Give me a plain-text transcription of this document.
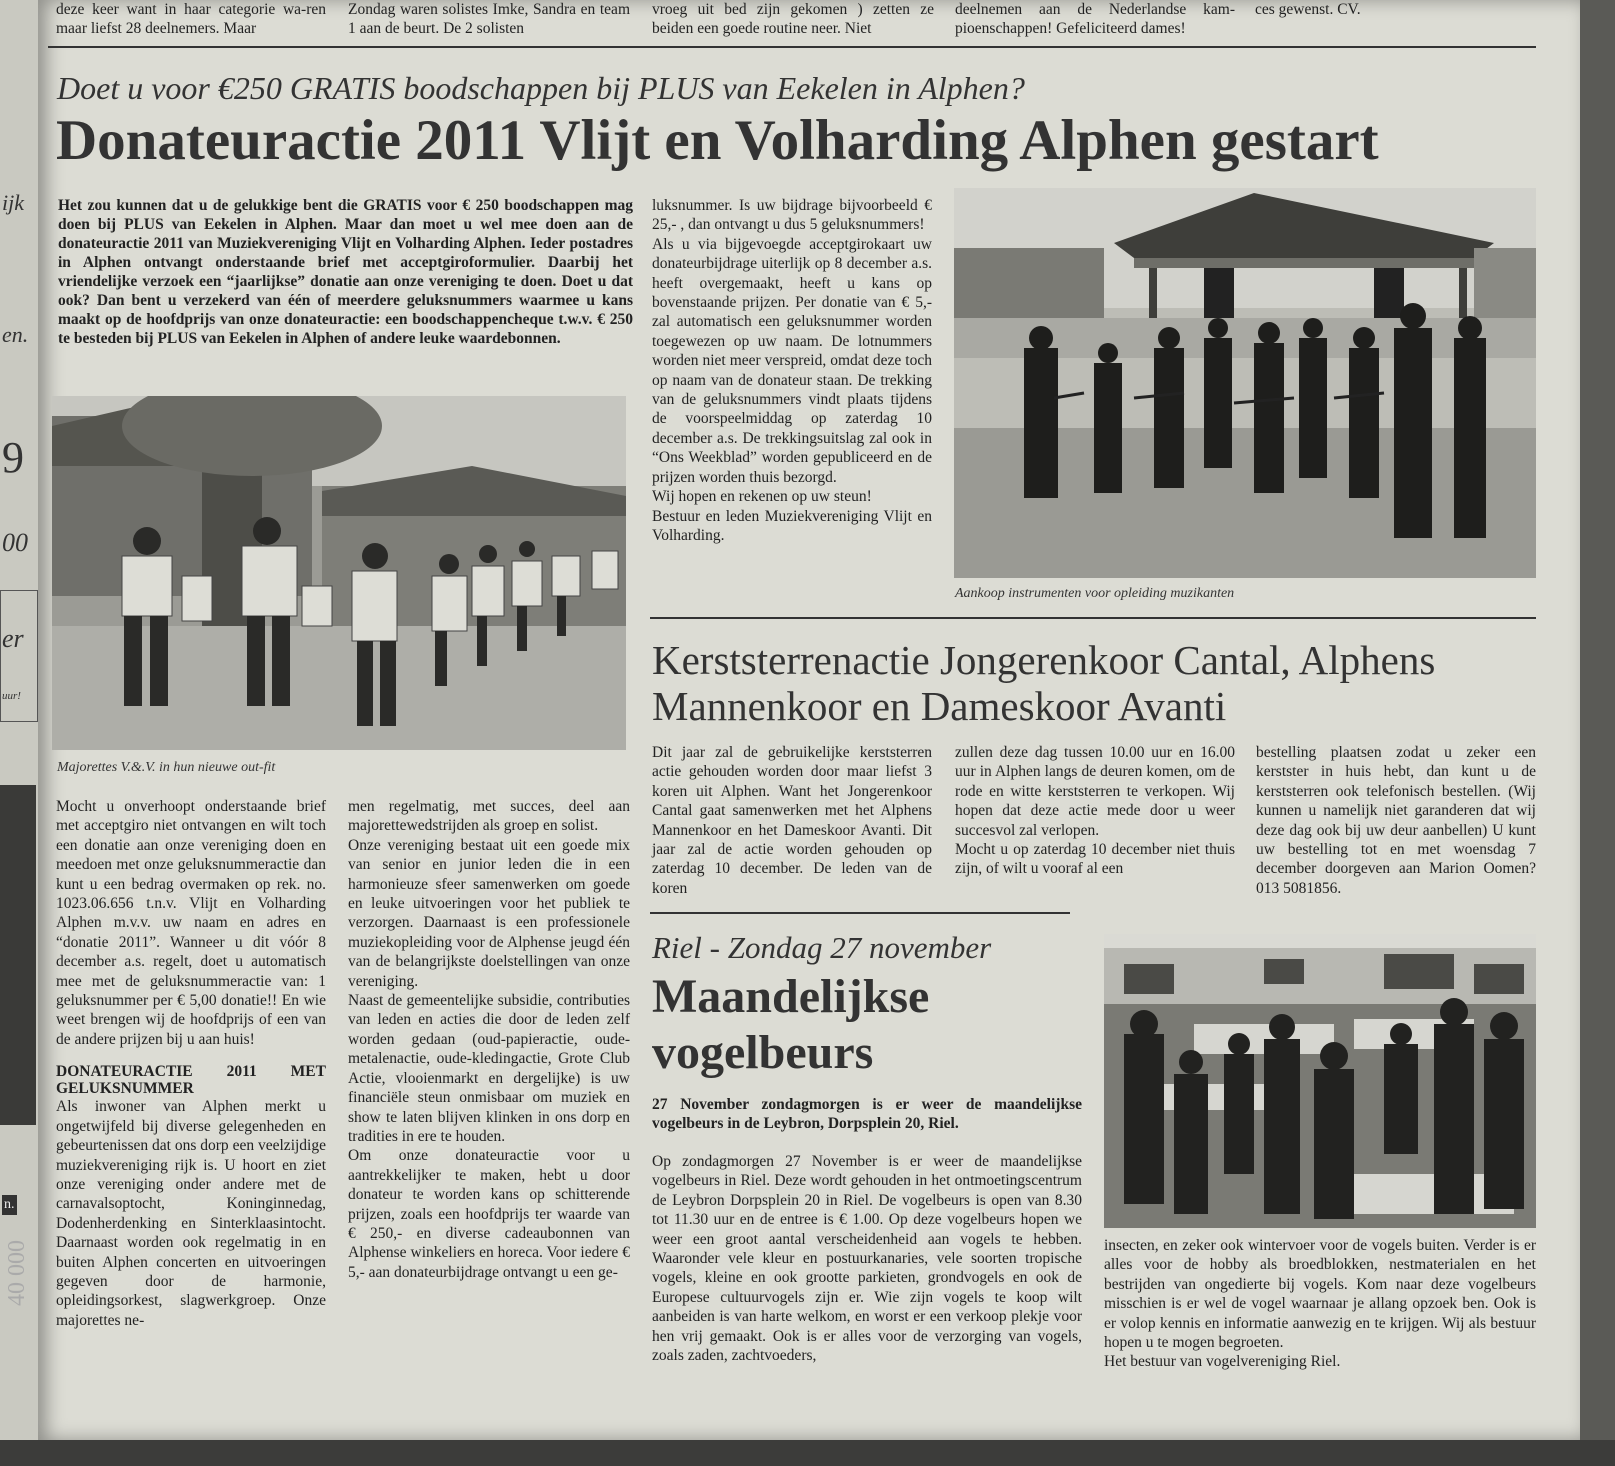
ijk
en.
9
00
er
uur!
n.
40 000
deze keer want in haar categorie wa-ren maar liefst 28 deelnemers. Maar
Zondag waren solistes Imke, Sandra en team 1 aan de beurt. De 2 solisten
vroeg uit bed zijn gekomen ) zetten ze beiden een goede routine neer. Niet
deelnemen aan de Nederlandse kam-pioenschappen! Gefeliciteerd dames!
ces gewenst. CV.
Doet u voor €250 GRATIS boodschappen bij PLUS van Eekelen in Alphen?
Donateuractie 2011 Vlijt en Volharding Alphen gestart
Het zou kunnen dat u de gelukkige bent die GRATIS voor € 250 boodschappen mag doen bij PLUS van Eekelen in Alphen. Maar dan moet u wel mee doen aan de donateuractie 2011 van Muziekvereniging Vlijt en Volharding Alphen. Ieder postadres in Alphen ontvangt onderstaande brief met acceptgiroformulier. Daarbij het vriendelijke verzoek een “jaarlijkse” donatie aan onze vereniging te doen. Doet u dat ook? Dan bent u verzekerd van één of meerdere geluksnummers waarmee u kans maakt op de hoofdprijs van onze donateuractie: een boodschappencheque t.w.v. € 250 te besteden bij PLUS van Eekelen in Alphen of andere leuke waardebonnen.
Majorettes V.&.V. in hun nieuwe out-fit

Mocht u onverhoopt onderstaande brief met acceptgiro niet ontvangen en wilt toch een donatie aan onze vereniging doen en meedoen met onze geluksnummeractie dan kunt u een bedrag overmaken op rek. no. 1023.06.656 t.n.v. Vlijt en Volharding Alphen m.v.v. uw naam en adres en “donatie 2011”. Wanneer u dit vóór 8 december a.s. regelt, doet u automatisch mee met de geluksnummeractie van: 1 geluksnummer per € 5,00 donatie!! En wie weet brengen wij de hoofdprijs of een van de andere prijzen bij u aan huis!

DONATEURACTIE 2011 MET GELUKSNUMMER

Als inwoner van Alphen merkt u ongetwijfeld bij diverse gelegenheden en gebeurtenissen dat ons dorp een veelzijdige muziekvereniging rijk is. U hoort en ziet onze vereniging onder andere met de carnavalsoptocht, Koninginnedag, Dodenherdenking en Sinterklaasintocht. Daarnaast worden ook regelmatig in en buiten Alphen concerten en uitvoeringen gegeven door de harmonie, opleidingsorkest, slagwerkgroep. Onze majorettes ne-

men regelmatig, met succes, deel aan majorettewedstrijden als groep en solist.

Onze vereniging bestaat uit een goede mix van senior en junior leden die in een harmonieuze sfeer samenwerken om goede en leuke uitvoeringen voor het publiek te verzorgen. Daarnaast is een professionele muziekopleiding voor de Alphense jeugd één van de belangrijkste doelstellingen van onze vereniging.

Naast de gemeentelijke subsidie, contributies van leden en acties die door de leden zelf worden gedaan (oud-papieractie, oude-metalenactie, oude-kledingactie, Grote Club Actie, vlooienmarkt en dergelijke) is uw financiële steun onmisbaar om muziek en show te laten blijven klinken in ons dorp en tradities in ere te houden.

Om onze donateuractie voor u aantrekkelijker te maken, hebt u door donateur te worden kans op schitterende prijzen, zoals een hoofdprijs ter waarde van € 250,- en diverse cadeaubonnen van Alphense winkeliers en horeca. Voor iedere € 5,- aan donateurbijdrage ontvangt u een ge-

luksnummer. Is uw bijdrage bijvoorbeeld € 25,- , dan ontvangt u dus 5 geluksnummers!

Als u via bijgevoegde acceptgirokaart uw donateurbijdrage uiterlijk op 8 december a.s. heeft overgemaakt, heeft u kans op bovenstaande prijzen. Per donatie van € 5,- zal automatisch een geluksnummer worden toegewezen op uw naam. De lotnummers worden niet meer verspreid, omdat deze toch op naam van de donateur staan. De trekking van de geluksnummers vindt plaats tijdens de voorspeelmiddag op zaterdag 10 december a.s. De trekkingsuitslag zal ook in “Ons Weekblad” worden gepubliceerd en de prijzen worden thuis bezorgd.

Wij hopen en rekenen op uw steun!

Bestuur en leden Muziekvereniging Vlijt en Volharding.

Aankoop instrumenten voor opleiding muzikanten
Kerststerrenactie Jongerenkoor Cantal, Alphens Mannenkoor en Dameskoor Avanti
Dit jaar zal de gebruikelijke kerststerren actie gehouden worden door maar liefst 3 koren uit Alphen. Want het Jongerenkoor Cantal gaat samenwerken met het Alphens Mannenkoor en het Dameskoor Avanti. Dit jaar zal de actie worden gehouden op zaterdag 10 december. De leden van de koren

zullen deze dag tussen 10.00 uur en 16.00 uur in Alphen langs de deuren komen, om de rode en witte kerststerren te verkopen. Wij hopen dat deze actie mede door u weer succesvol zal verlopen.

Mocht u op zaterdag 10 december niet thuis zijn, of wilt u vooraf al een

bestelling plaatsen zodat u zeker een kerstster in huis hebt, dan kunt u de kerststerren ook telefonisch bestellen. (Wij kunnen u namelijk niet garanderen dat wij deze dag ook bij uw deur aanbellen) U kunt uw bestelling tot en met woensdag 7 december doorgeven aan Marion Oomen? 013 5081856.
Riel - Zondag 27 november
Maandelijkse
vogelbeurs
27 November zondagmorgen is er weer de maandelijkse vogelbeurs in de Leybron, Dorpsplein 20, Riel.
Op zondagmorgen 27 November is er weer de maandelijkse vogelbeurs in Riel. Deze wordt gehouden in het ontmoetingscentrum de Leybron Dorpsplein 20 in Riel. De vogelbeurs is open van 8.30 tot 11.30 uur en de entree is € 1.00. Op deze vogelbeurs hopen we weer een groot aantal verscheidenheid aan vogels te hebben. Waaronder vele kleur en postuurkanaries, vele soorten tropische vogels, kleine en ook grootte parkieten, grondvogels en ook de Europese cultuurvogels zijn er. Wie zijn vogels te koop wilt aanbeiden is van harte welkom, en worst er een verkoop plekje voor hen vrij gemaakt. Ook is er alles voor de verzorging van vogels, zoals zaden, zachtvoeders,

insecten, en zeker ook wintervoer voor de vogels buiten. Verder is er alles voor de hobby als broedblokken, nestmaterialen en het bestrijden van ongedierte bij vogels. Kom naar deze vogelbeurs misschien is er wel de vogel waarnaar je allang opzoek ben. Ook is er volop kennis en informatie aanwezig en te krijgen. Wij als bestuur hopen u te mogen begroeten.

Het bestuur van vogelvereniging Riel.
